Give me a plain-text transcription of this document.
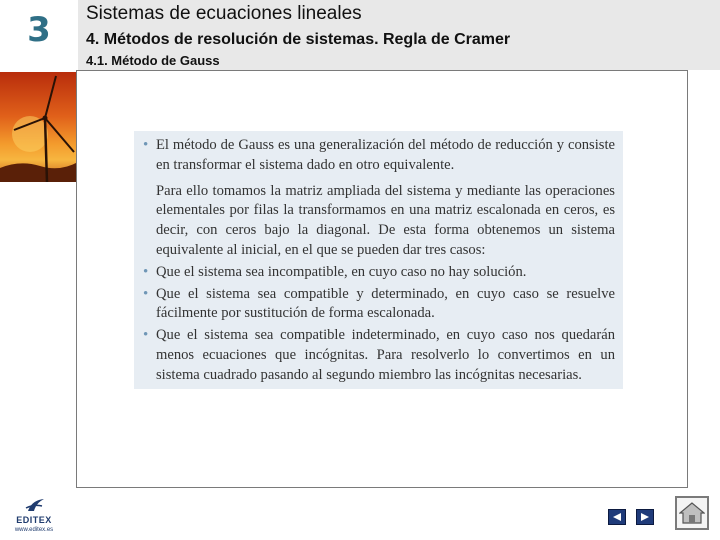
3
EDITEX
www.editex.es
Sistemas de ecuaciones lineales
4. Métodos de resolución de sistemas. Regla de Cramer
4.1. Método de Gauss
• El método de Gauss es una generalización del método de reducción y consiste en transformar el sistema dado en otro equivalente.

Para ello tomamos la matriz ampliada del sistema y mediante las operaciones elementales por filas la transformamos en una matriz escalonada en ceros, es decir, con ceros bajo la diagonal. De esta forma obtenemos un sistema equivalente al inicial, en el que se pueden dar tres casos:

• Que el sistema sea incompatible, en cuyo caso no hay solución.

• Que el sistema sea compatible y determinado, en cuyo caso se resuelve fácilmente por sustitución de forma escalonada.

• Que el sistema sea compatible indeterminado, en cuyo caso nos quedarán menos ecuaciones que incógnitas. Para resolverlo lo convertimos en un sistema cuadrado pasando al segundo miembro las incógnitas necesarias.
